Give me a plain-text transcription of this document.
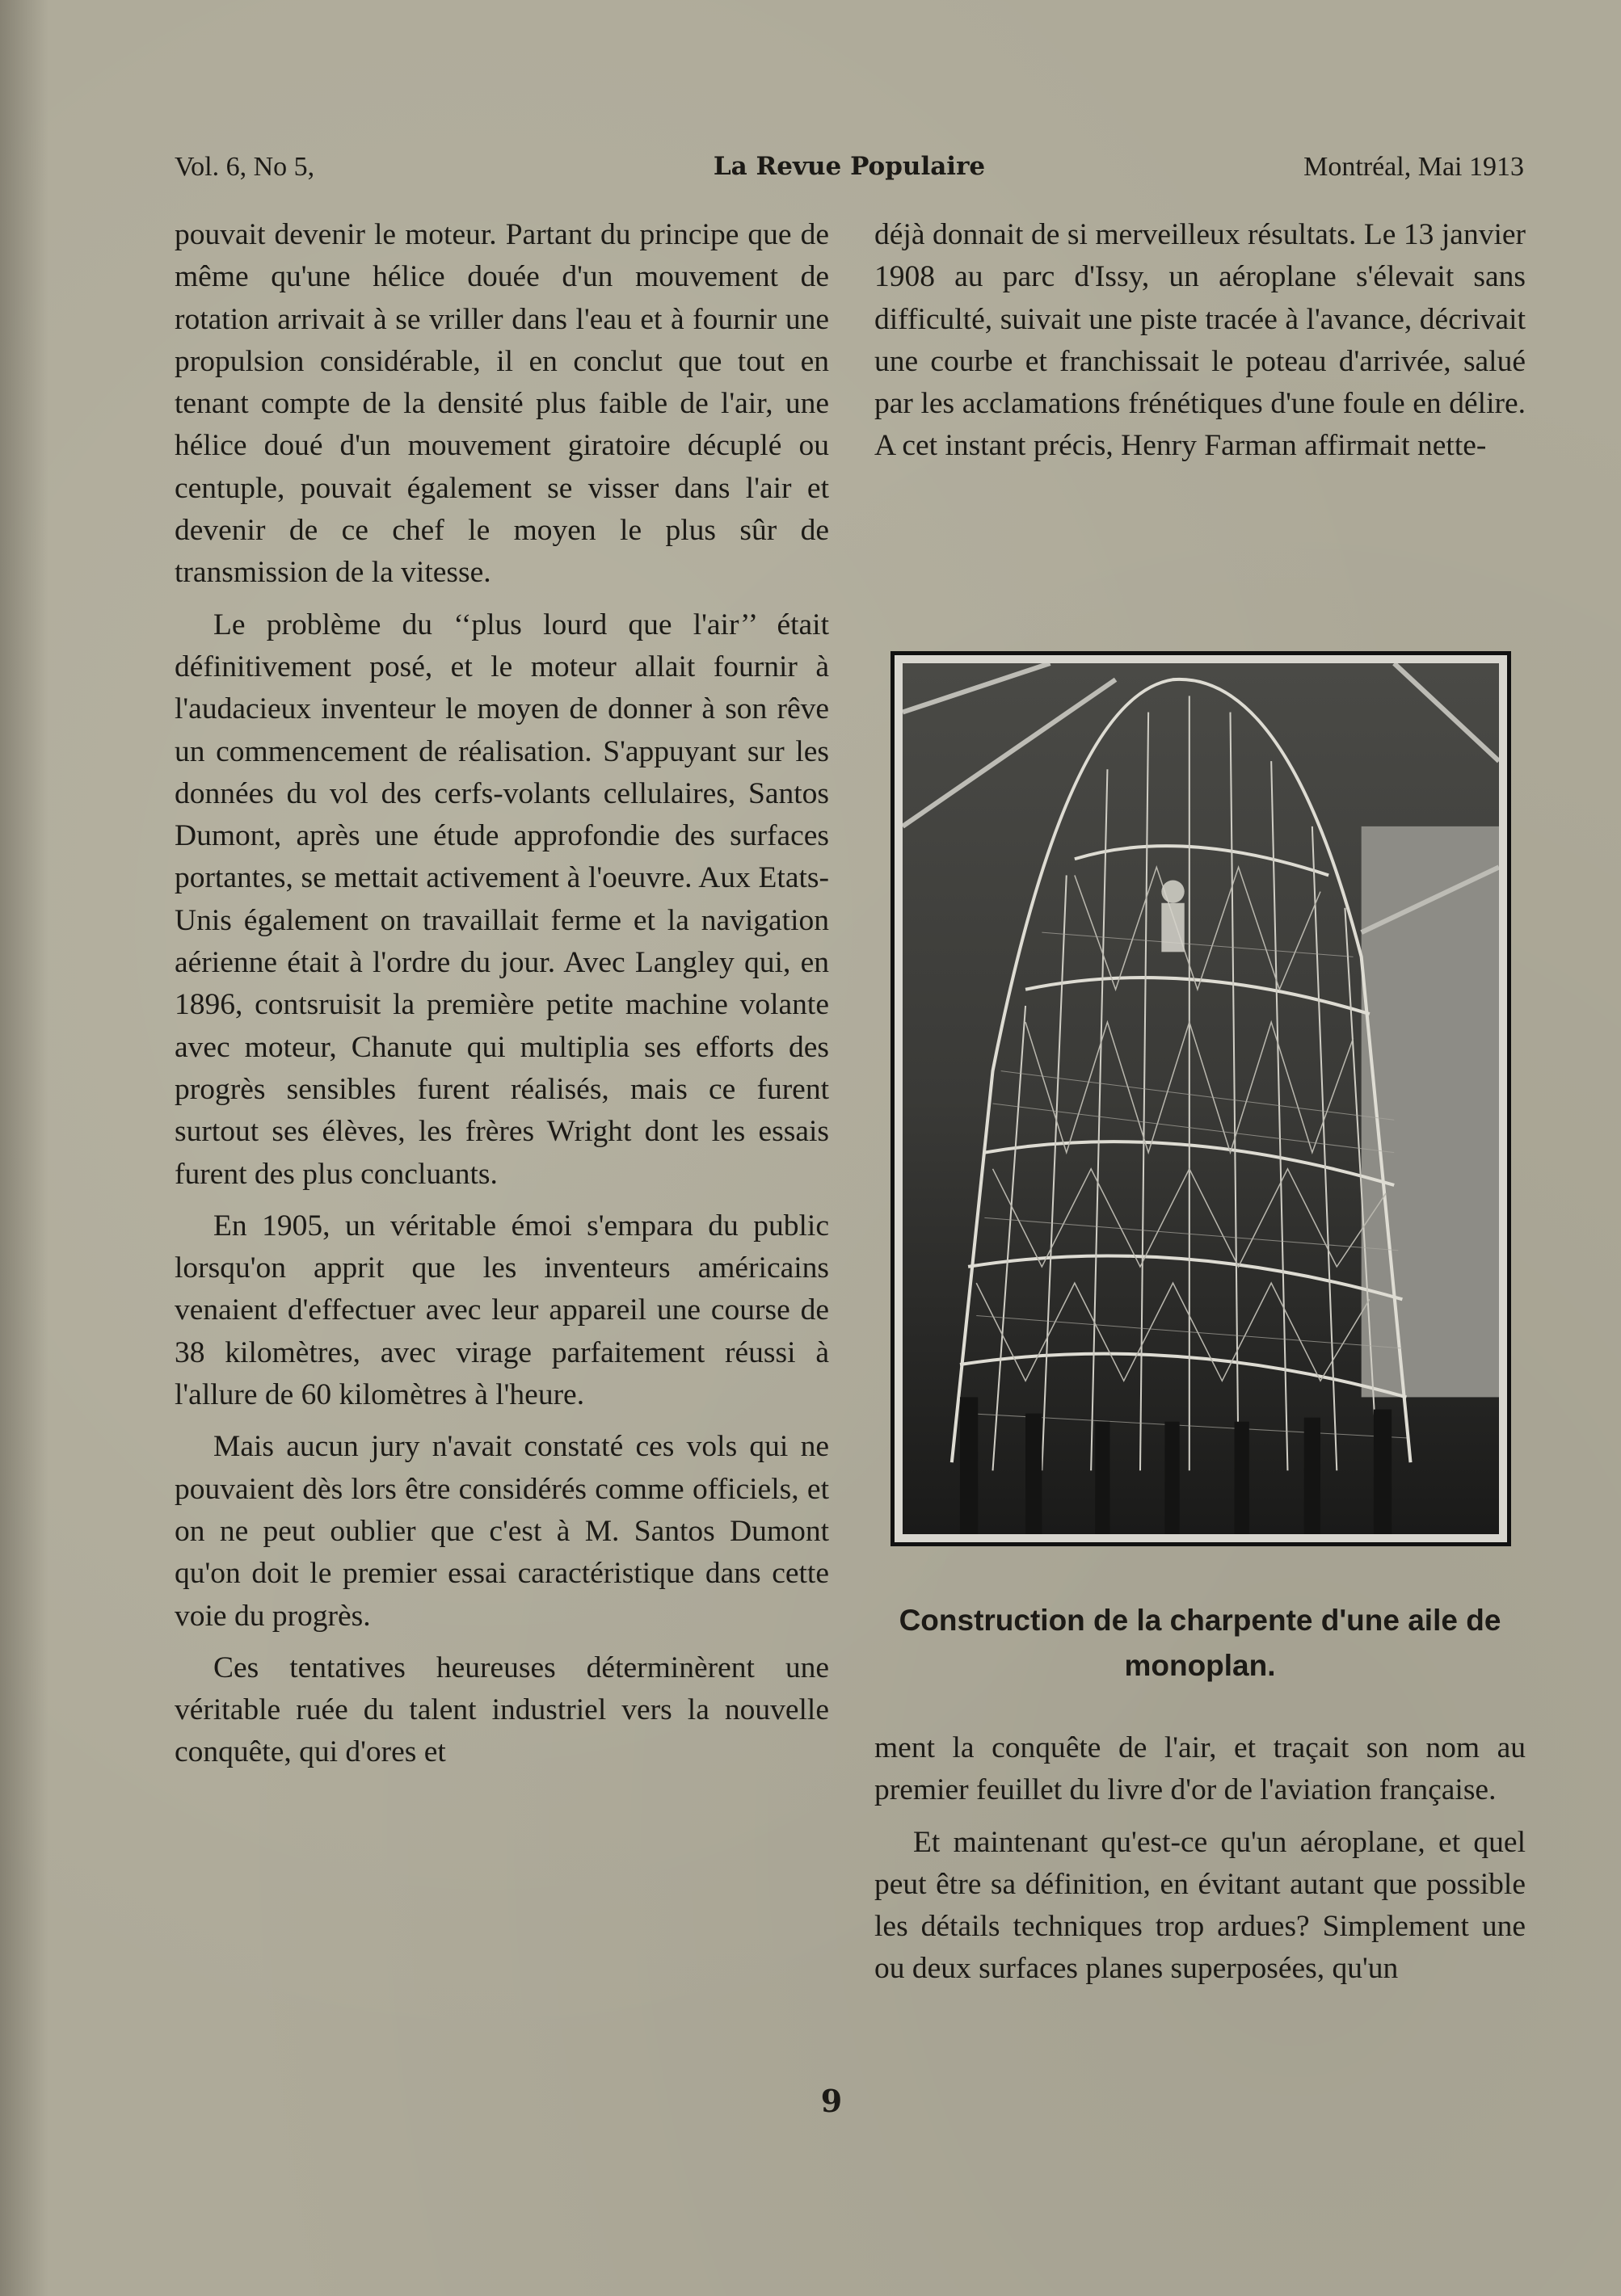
Vol. 6, No 5,	La Revue Populaire	Montréal, Mai 1913

pouvait devenir le moteur. Partant du principe que de même qu'une hélice douée d'un mouvement de rotation arrivait à se vriller dans l'eau et à fournir une propulsion considérable, il en conclut que tout en tenant compte de la densité plus faible de l'air, une hélice doué d'un mouvement giratoire décuplé ou centuple, pouvait également se visser dans l'air et devenir de ce chef le moyen le plus sûr de transmission de la vitesse.

Le problème du ‘‘plus lourd que l'air’’ était définitivement posé, et le moteur allait fournir à l'audacieux inventeur le moyen de donner à son rêve un commencement de réalisation. S'appuyant sur les données du vol des cerfs-volants cellulaires, Santos Dumont, après une étude approfondie des surfaces portantes, se mettait activement à l'oeuvre. Aux Etats-Unis également on travaillait ferme et la navigation aérienne était à l'ordre du jour. Avec Langley qui, en 1896, contsruisit la première petite machine volante avec moteur, Chanute qui multiplia ses efforts des progrès sensibles furent réalisés, mais ce furent surtout ses élèves, les frères Wright dont les essais furent des plus concluants.

En 1905, un véritable émoi s'empara du public lorsqu'on apprit que les inventeurs américains venaient d'effectuer avec leur appareil une course de 38 kilomètres, avec virage parfaitement réussi à l'allure de 60 kilomètres à l'heure.

Mais aucun jury n'avait constaté ces vols qui ne pouvaient dès lors être considérés comme officiels, et on ne peut oublier que c'est à M. Santos Dumont qu'on doit le premier essai caractéristique dans cette voie du progrès.

Ces tentatives heureuses déterminèrent une véritable ruée du talent industriel vers la nouvelle conquête, qui d'ores et

déjà donnait de si merveilleux résultats. Le 13 janvier 1908 au parc d'Issy, un aéroplane s'élevait sans difficulté, suivait une piste tracée à l'avance, décrivait une courbe et franchissait le poteau d'arrivée, salué par les acclamations frénétiques d'une foule en délire. A cet instant précis, Henry Farman affirmait nette-

Construction de la charpente d'une aile de monoplan.

ment la conquête de l'air, et traçait son nom au premier feuillet du livre d'or de l'aviation française.

Et maintenant qu'est-ce qu'un aéroplane, et quel peut être sa définition, en évitant autant que possible les détails techniques trop ardues? Simplement une ou deux surfaces planes superposées, qu'un

9
